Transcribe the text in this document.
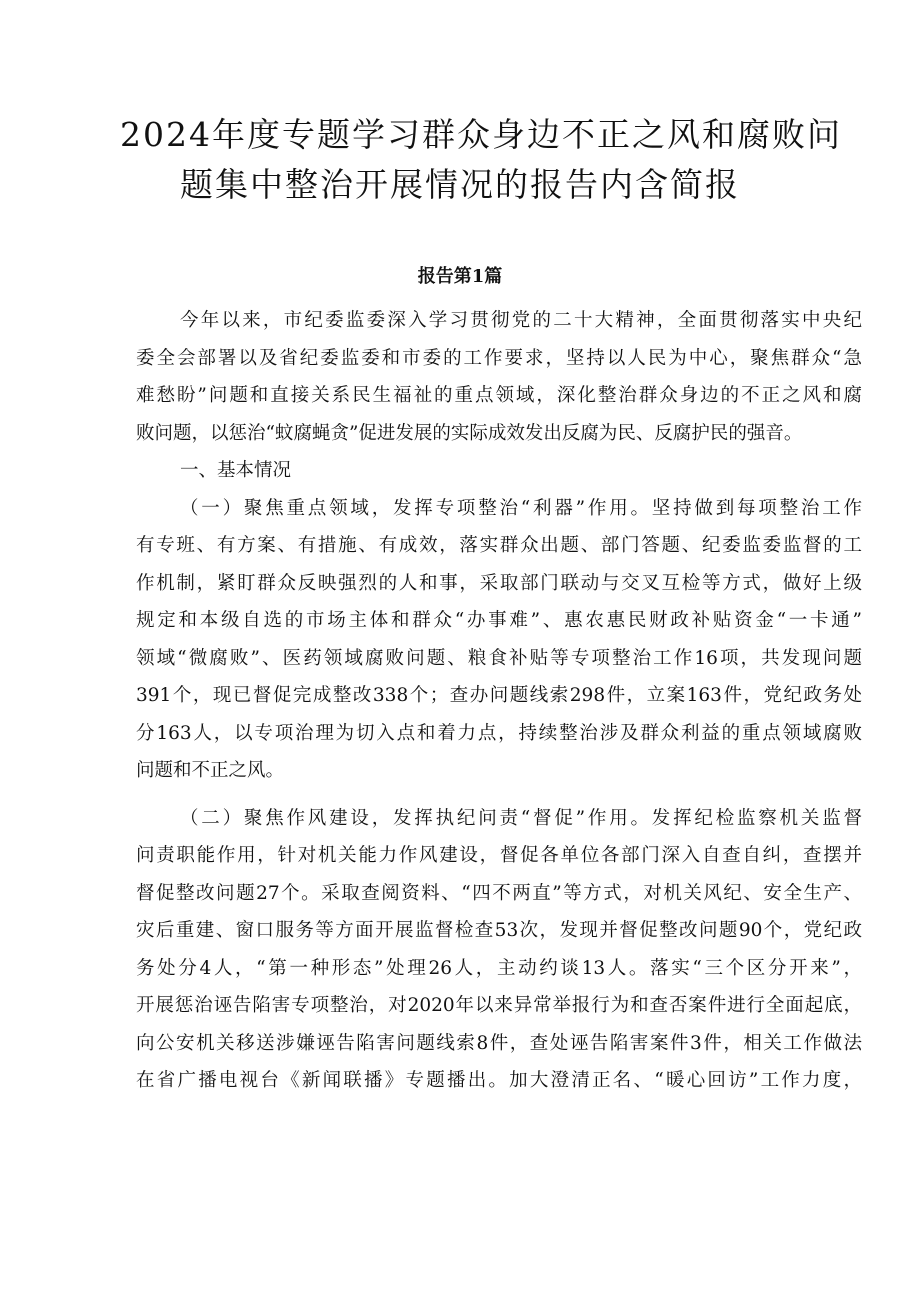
2024年度专题学习群众身边不正之风和腐败问
题集中整治开展情况的报告内含简报
报告第1篇
今年以来，市纪委监委深入学习贯彻党的二十大精神，全面贯彻落实中央纪
委全会部署以及省纪委监委和市委的工作要求，坚持以人民为中心，聚焦群众“急
难愁盼”问题和直接关系民生福祉的重点领域，深化整治群众身边的不正之风和腐
败问题，以惩治“蚊腐蝇贪”促进发展的实际成效发出反腐为民、反腐护民的强音。
一、基本情况
（一）聚焦重点领域，发挥专项整治“利器”作用。坚持做到每项整治工作
有专班、有方案、有措施、有成效，落实群众出题、部门答题、纪委监委监督的工
作机制，紧盯群众反映强烈的人和事，采取部门联动与交叉互检等方式，做好上级
规定和本级自选的市场主体和群众“办事难”、惠农惠民财政补贴资金“一卡通”
领域“微腐败”、医药领域腐败问题、粮食补贴等专项整治工作16项，共发现问题
391个，现已督促完成整改338个；查办问题线索298件，立案163件，党纪政务处
分163人，以专项治理为切入点和着力点，持续整治涉及群众利益的重点领域腐败
问题和不正之风。
（二）聚焦作风建设，发挥执纪问责“督促”作用。发挥纪检监察机关监督
问责职能作用，针对机关能力作风建设，督促各单位各部门深入自查自纠，查摆并
督促整改问题27个。采取查阅资料、“四不两直”等方式，对机关风纪、安全生产、
灾后重建、窗口服务等方面开展监督检查53次，发现并督促整改问题90个，党纪政
务处分4人，“第一种形态”处理26人，主动约谈13人。落实“三个区分开来”，
开展惩治诬告陷害专项整治，对2020年以来异常举报行为和查否案件进行全面起底，
向公安机关移送涉嫌诬告陷害问题线索8件，查处诬告陷害案件3件，相关工作做法
在省广播电视台《新闻联播》专题播出。加大澄清正名、“暖心回访”工作力度，
